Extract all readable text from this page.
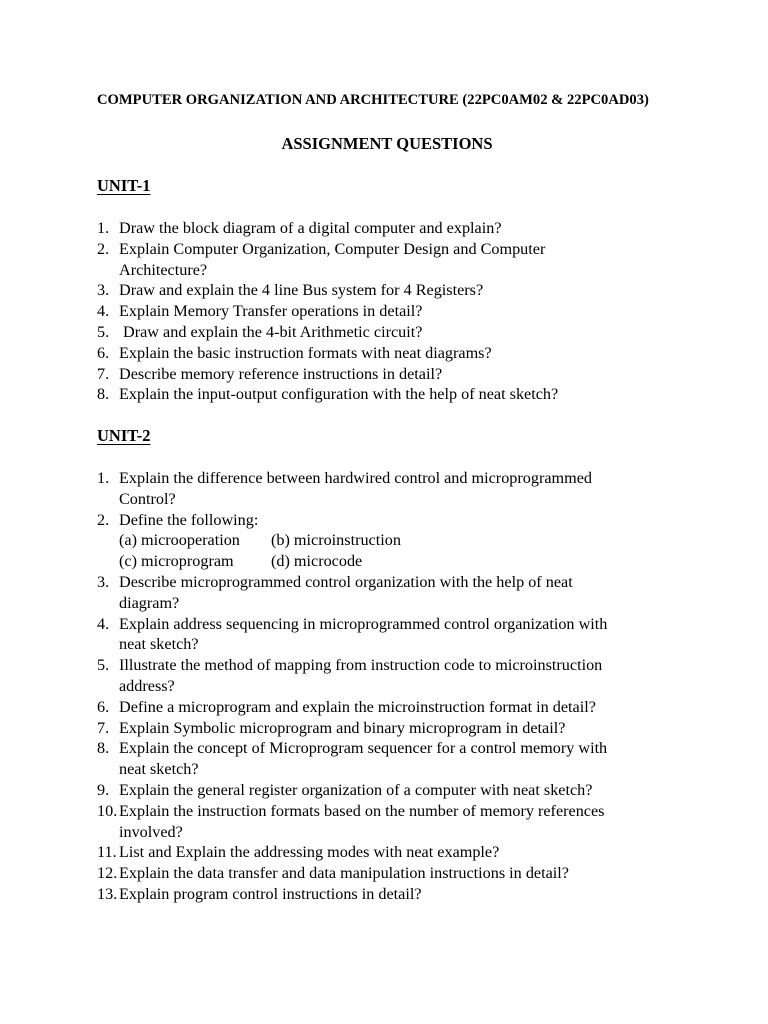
COMPUTER ORGANIZATION AND ARCHITECTURE (22PC0AM02 & 22PC0AD03)
ASSIGNMENT QUESTIONS
UNIT-1
1. Draw the block diagram of a digital computer and explain?
2. Explain Computer Organization, Computer Design and Computer
Architecture?
3. Draw and explain the 4 line Bus system for 4 Registers?
4. Explain Memory Transfer operations in detail?
5. Draw and explain the 4-bit Arithmetic circuit?
6. Explain the basic instruction formats with neat diagrams?
7. Describe memory reference instructions in detail?
8. Explain the input-output configuration with the help of neat sketch?
UNIT-2
1. Explain the difference between hardwired control and microprogrammed
Control?
2. Define the following:
(a) microoperation (b) microinstruction
(c) microprogram (d) microcode
3. Describe microprogrammed control organization with the help of neat
diagram?
4. Explain address sequencing in microprogrammed control organization with
neat sketch?
5. Illustrate the method of mapping from instruction code to microinstruction
address?
6. Define a microprogram and explain the microinstruction format in detail?
7. Explain Symbolic microprogram and binary microprogram in detail?
8. Explain the concept of Microprogram sequencer for a control memory with
neat sketch?
9. Explain the general register organization of a computer with neat sketch?
10. Explain the instruction formats based on the number of memory references
involved?
11. List and Explain the addressing modes with neat example?
12. Explain the data transfer and data manipulation instructions in detail?
13. Explain program control instructions in detail?
